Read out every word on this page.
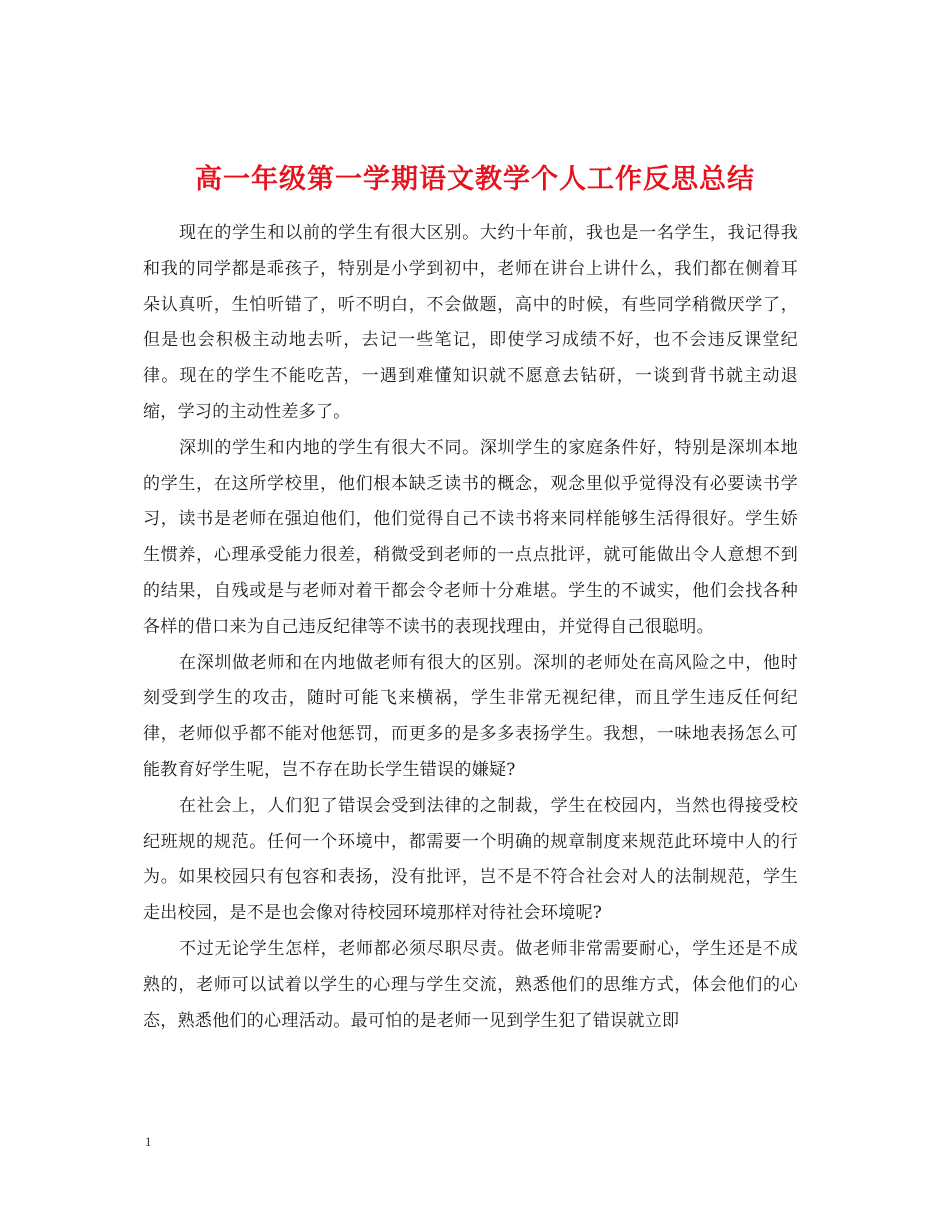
高一年级第一学期语文教学个人工作反思总结

现在的学生和以前的学生有很大区别。大约十年前，我也是一名学生，我记得我和我的同学都是乖孩子，特别是小学到初中，老师在讲台上讲什么，我们都在侧着耳朵认真听，生怕听错了，听不明白，不会做题，高中的时候，有些同学稍微厌学了，但是也会积极主动地去听，去记一些笔记，即使学习成绩不好，也不会违反课堂纪律。现在的学生不能吃苦，一遇到难懂知识就不愿意去钻研，一谈到背书就主动退缩，学习的主动性差多了。

深圳的学生和内地的学生有很大不同。深圳学生的家庭条件好，特别是深圳本地的学生，在这所学校里，他们根本缺乏读书的概念，观念里似乎觉得没有必要读书学习，读书是老师在强迫他们，他们觉得自己不读书将来同样能够生活得很好。学生娇生惯养，心理承受能力很差，稍微受到老师的一点点批评，就可能做出令人意想不到的结果，自残或是与老师对着干都会令老师十分难堪。学生的不诚实，他们会找各种各样的借口来为自己违反纪律等不读书的表现找理由，并觉得自己很聪明。

在深圳做老师和在内地做老师有很大的区别。深圳的老师处在高风险之中，他时刻受到学生的攻击，随时可能飞来横祸，学生非常无视纪律，而且学生违反任何纪律，老师似乎都不能对他惩罚，而更多的是多多表扬学生。我想，一味地表扬怎么可能教育好学生呢，岂不存在助长学生错误的嫌疑?

在社会上，人们犯了错误会受到法律的之制裁，学生在校园内，当然也得接受校纪班规的规范。任何一个环境中，都需要一个明确的规章制度来规范此环境中人的行为。如果校园只有包容和表扬，没有批评，岂不是不符合社会对人的法制规范，学生走出校园，是不是也会像对待校园环境那样对待社会环境呢?

不过无论学生怎样，老师都必须尽职尽责。做老师非常需要耐心，学生还是不成熟的，老师可以试着以学生的心理与学生交流，熟悉他们的思维方式，体会他们的心态，熟悉他们的心理活动。最可怕的是老师一见到学生犯了错误就立即

1
